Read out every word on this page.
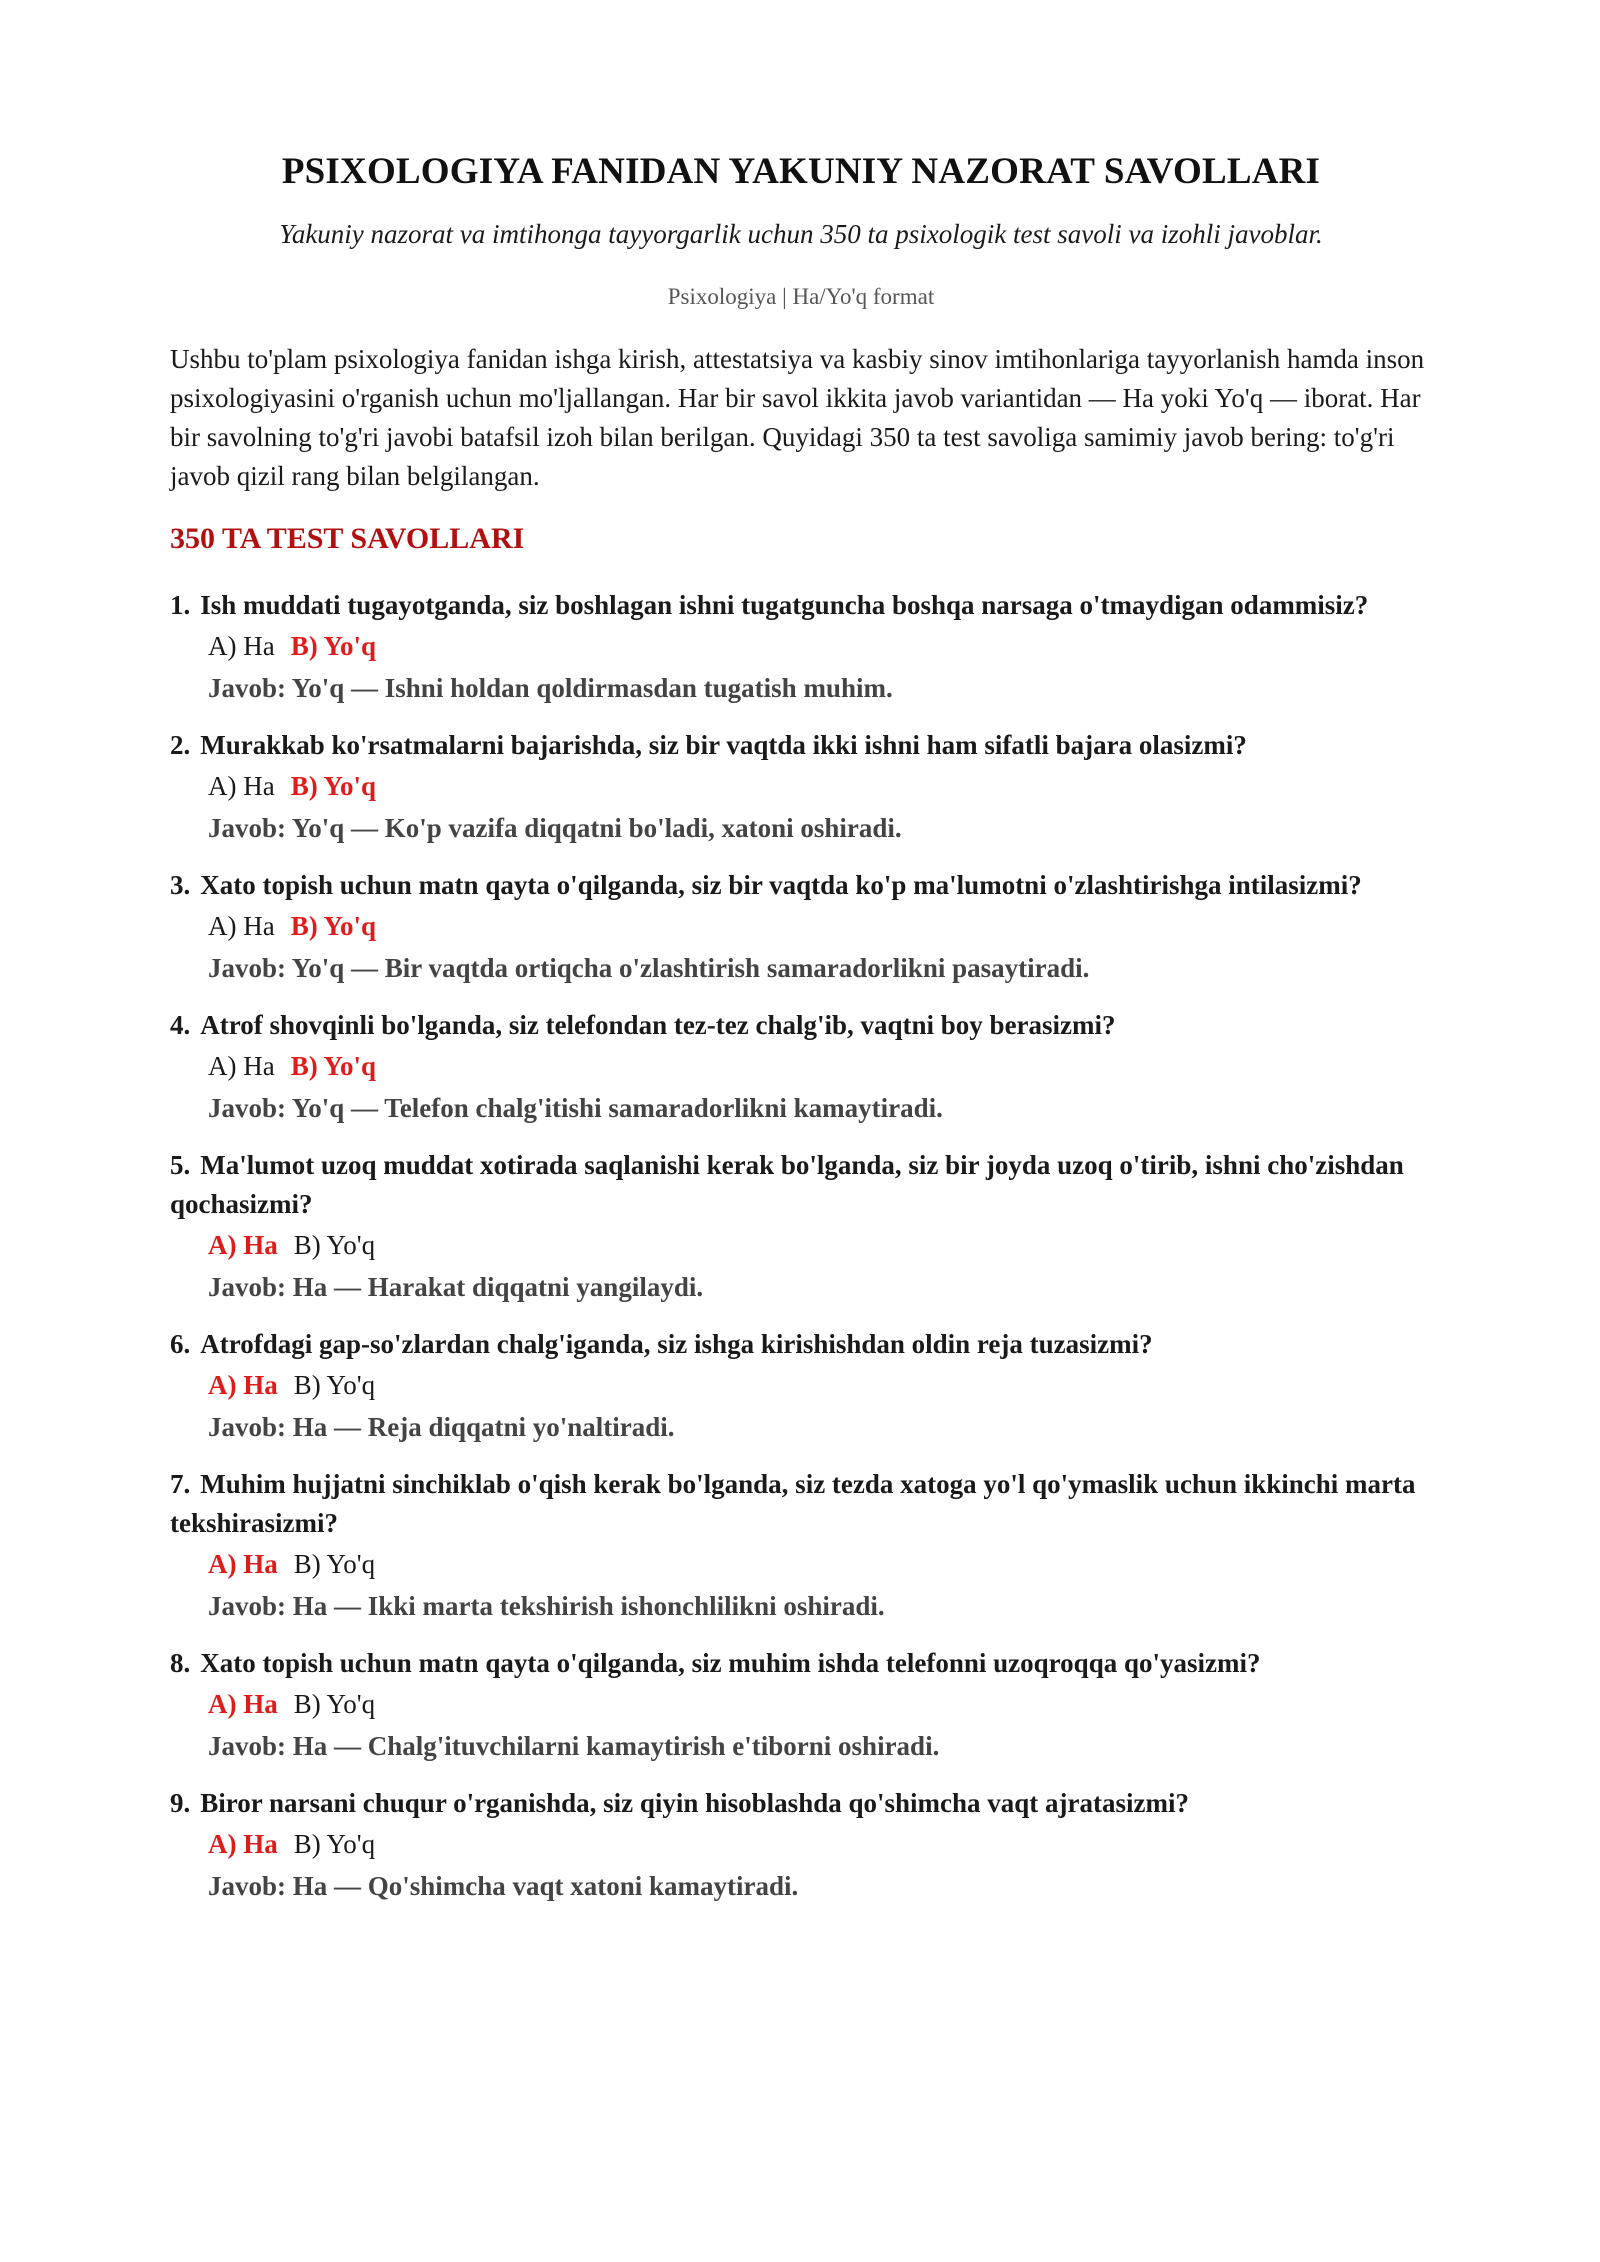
PSIXOLOGIYA FANIDAN YAKUNIY NAZORAT SAVOLLARI

Yakuniy nazorat va imtihonga tayyorgarlik uchun 350 ta psixologik test savoli va izohli javoblar.

Psixologiya | Ha/Yo'q format

Ushbu to'plam psixologiya fanidan ishga kirish, attestatsiya va kasbiy sinov imtihonlariga tayyorlanish hamda inson psixologiyasini o'rganish uchun mo'ljallangan. Har bir savol ikkita javob variantidan — Ha yoki Yo'q — iborat. Har bir savolning to'g'ri javobi batafsil izoh bilan berilgan. Quyidagi 350 ta test savoliga samimiy javob bering: to'g'ri javob qizil rang bilan belgilangan.

350 TA TEST SAVOLLARI
1. Ish muddati tugayotganda, siz boshlagan ishni tugatguncha boshqa narsaga o'tmaydigan odammisiz?
A) Ha B) Yo'q
Javob: Yo'q — Ishni holdan qoldirmasdan tugatish muhim.
2. Murakkab ko'rsatmalarni bajarishda, siz bir vaqtda ikki ishni ham sifatli bajara olasizmi?
A) Ha B) Yo'q
Javob: Yo'q — Ko'p vazifa diqqatni bo'ladi, xatoni oshiradi.
3. Xato topish uchun matn qayta o'qilganda, siz bir vaqtda ko'p ma'lumotni o'zlashtirishga intilasizmi?
A) Ha B) Yo'q
Javob: Yo'q — Bir vaqtda ortiqcha o'zlashtirish samaradorlikni pasaytiradi.
4. Atrof shovqinli bo'lganda, siz telefondan tez-tez chalg'ib, vaqtni boy berasizmi?
A) Ha B) Yo'q
Javob: Yo'q — Telefon chalg'itishi samaradorlikni kamaytiradi.
5. Ma'lumot uzoq muddat xotirada saqlanishi kerak bo'lganda, siz bir joyda uzoq o'tirib, ishni cho'zishdan qochasizmi?
A) Ha B) Yo'q
Javob: Ha — Harakat diqqatni yangilaydi.
6. Atrofdagi gap-so'zlardan chalg'iganda, siz ishga kirishishdan oldin reja tuzasizmi?
A) Ha B) Yo'q
Javob: Ha — Reja diqqatni yo'naltiradi.
7. Muhim hujjatni sinchiklab o'qish kerak bo'lganda, siz tezda xatoga yo'l qo'ymaslik uchun ikkinchi marta tekshirasizmi?
A) Ha B) Yo'q
Javob: Ha — Ikki marta tekshirish ishonchlilikni oshiradi.
8. Xato topish uchun matn qayta o'qilganda, siz muhim ishda telefonni uzoqroqqa qo'yasizmi?
A) Ha B) Yo'q
Javob: Ha — Chalg'ituvchilarni kamaytirish e'tiborni oshiradi.
9. Biror narsani chuqur o'rganishda, siz qiyin hisoblashda qo'shimcha vaqt ajratasizmi?
A) Ha B) Yo'q
Javob: Ha — Qo'shimcha vaqt xatoni kamaytiradi.
